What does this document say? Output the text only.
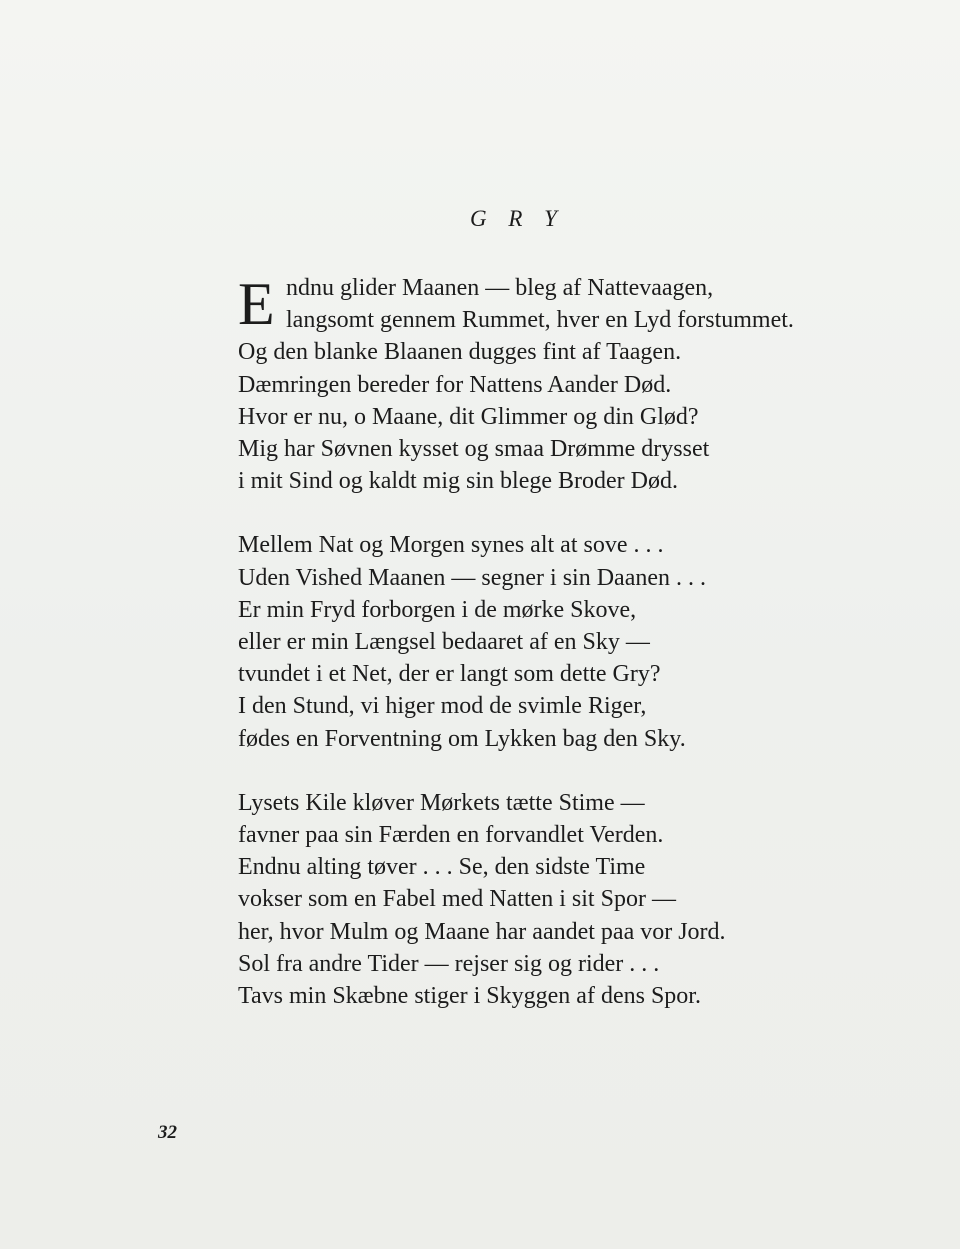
G R Y
E ndnu glider Maanen — bleg af Nattevaagen,
langsomt gennem Rummet, hver en Lyd forstummet.
Og den blanke Blaanen dugges fint af Taagen.
Dæmringen bereder for Nattens Aander Død.
Hvor er nu, o Maane, dit Glimmer og din Glød?
Mig har Søvnen kysset og smaa Drømme drysset
i mit Sind og kaldt mig sin blege Broder Død.
Mellem Nat og Morgen synes alt at sove . . .
Uden Vished Maanen — segner i sin Daanen . . .
Er min Fryd forborgen i de mørke Skove,
eller er min Længsel bedaaret af en Sky —
tvundet i et Net, der er langt som dette Gry?
I den Stund, vi higer mod de svimle Riger,
fødes en Forventning om Lykken bag den Sky.
Lysets Kile kløver Mørkets tætte Stime —
favner paa sin Færden en forvandlet Verden.
Endnu alting tøver . . . Se, den sidste Time
vokser som en Fabel med Natten i sit Spor —
her, hvor Mulm og Maane har aandet paa vor Jord.
Sol fra andre Tider — rejser sig og rider . . .
Tavs min Skæbne stiger i Skyggen af dens Spor.
32
